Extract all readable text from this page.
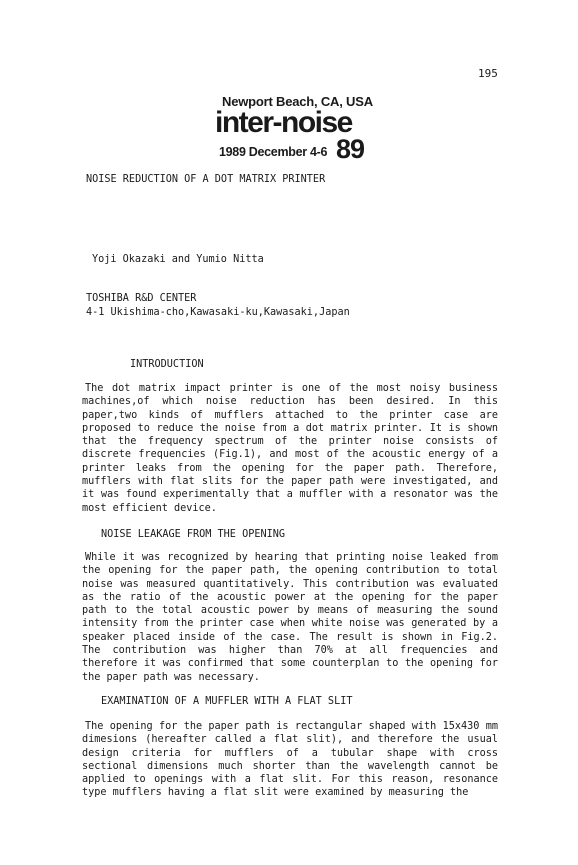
195
Newport Beach, CA, USA
inter-noise
1989 December 4-6 89
NOISE REDUCTION OF A DOT MATRIX PRINTER
Yoji Okazaki and Yumio Nitta
TOSHIBA R&D CENTER
4-1 Ukishima-cho,Kawasaki-ku,Kawasaki,Japan
INTRODUCTION

The dot matrix impact printer is one of the most noisy business machines,of which noise reduction has been desired. In this paper,two kinds of mufflers attached to the printer case are proposed to reduce the noise from a dot matrix printer. It is shown that the frequency spectrum of the printer noise consists of discrete frequencies (Fig.1), and most of the acoustic energy of a printer leaks from the opening for the paper path. Therefore, mufflers with flat slits for the paper path were investigated, and it was found experimentally that a muffler with a resonator was the most efficient device.

NOISE LEAKAGE FROM THE OPENING

While it was recognized by hearing that printing noise leaked from the opening for the paper path, the opening contribution to total noise was measured quantitatively. This contribution was evaluated as the ratio of the acoustic power at the opening for the paper path to the total acoustic power by means of measuring the sound intensity from the printer case when white noise was generated by a speaker placed inside of the case. The result is shown in Fig.2. The contribution was higher than 70% at all frequencies and therefore it was confirmed that some counterplan to the opening for the paper path was necessary.

EXAMINATION OF A MUFFLER WITH A FLAT SLIT

The opening for the paper path is rectangular shaped with 15x430 mm dimesions (hereafter called a flat slit), and therefore the usual design criteria for mufflers of a tubular shape with cross sectional dimensions much shorter than the wavelength cannot be applied to openings with a flat slit. For this reason, resonance type mufflers having a flat slit were examined by measuring the
